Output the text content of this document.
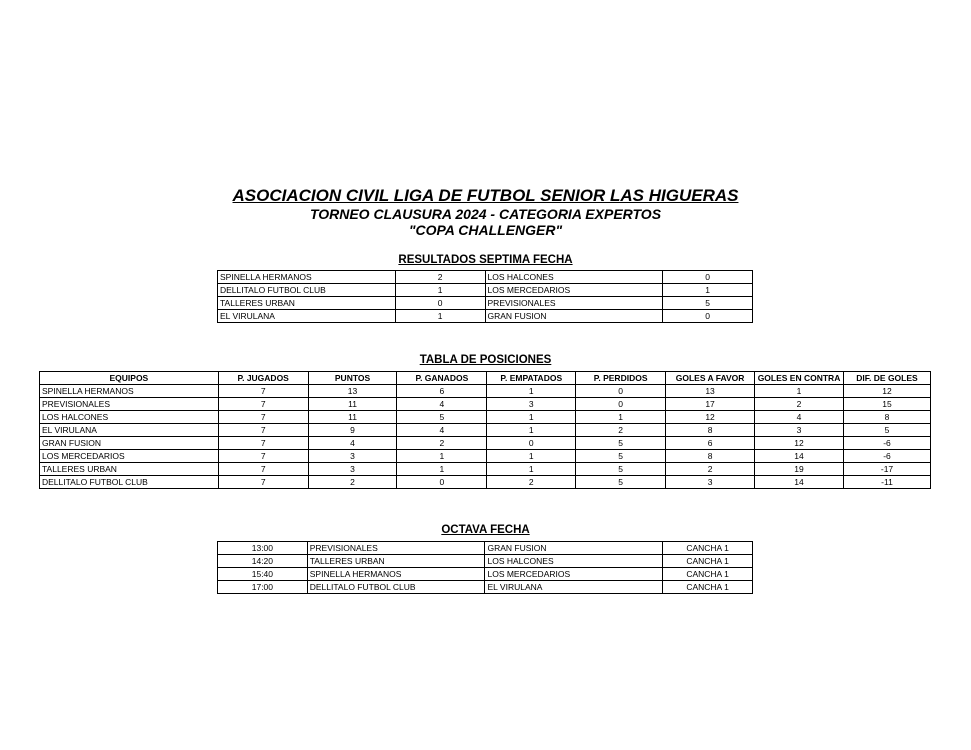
ASOCIACION CIVIL LIGA DE FUTBOL SENIOR LAS HIGUERAS
TORNEO CLAUSURA 2024 - CATEGORIA EXPERTOS
"COPA CHALLENGER"
RESULTADOS SEPTIMA FECHA
SPINELLA HERMANOS	2	LOS HALCONES	0
DELLITALO FUTBOL CLUB	1	LOS MERCEDARIOS	1
TALLERES URBAN	0	PREVISIONALES	5
EL VIRULANA	1	GRAN FUSION	0
TABLA DE POSICIONES
EQUIPOS	P. JUGADOS	PUNTOS	P. GANADOS	P. EMPATADOS	P. PERDIDOS	GOLES A FAVOR	GOLES EN CONTRA	DIF. DE GOLES
SPINELLA HERMANOS	7	13	6	1	0	13	1	12
PREVISIONALES	7	11	4	3	0	17	2	15
LOS HALCONES	7	11	5	1	1	12	4	8
EL VIRULANA	7	9	4	1	2	8	3	5
GRAN FUSION	7	4	2	0	5	6	12	-6
LOS MERCEDARIOS	7	3	1	1	5	8	14	-6
TALLERES URBAN	7	3	1	1	5	2	19	-17
DELLITALO FUTBOL CLUB	7	2	0	2	5	3	14	-11
OCTAVA FECHA
13:00	PREVISIONALES	GRAN FUSION	CANCHA 1
14:20	TALLERES URBAN	LOS HALCONES	CANCHA 1
15:40	SPINELLA HERMANOS	LOS MERCEDARIOS	CANCHA 1
17:00	DELLITALO FUTBOL CLUB	EL VIRULANA	CANCHA 1
